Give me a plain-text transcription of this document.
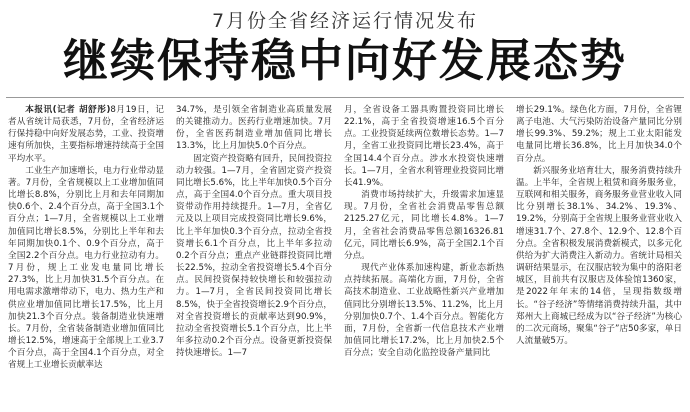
7月份全省经济运行情况发布
继续保持稳中向好发展态势

本报讯(记者 胡舒彤)8月19日，记者从省统计局获悉，7月份，全省经济运行保持稳中向好发展态势，工业、投资增速有所加快，主要指标增速持续高于全国平均水平。

工业生产加速增长，电力行业带动显著。7月份，全省规模以上工业增加值同比增长8.8%，分别比上月和去年同期加快0.6个、2.4个百分点，高于全国3.1个百分点；1—7月，全省规模以上工业增加值同比增长8.5%，分别比上半年和去年同期加快0.1个、0.9个百分点，高于全国2.2个百分点。电力行业拉动有力。7月份，规上工业发电量同比增长27.3%，比上月加快31.5个百分点。在用电需求激增带动下，电力、热力生产和供应业增加值同比增长17.5%，比上月加快21.3个百分点。装备制造业快速增长。7月份，全省装备制造业增加值同比增长12.5%，增速高于全部规上工业3.7个百分点，高于全国4.1个百分点，对全省规上工业增长贡献率达

34.7%，是引领全省制造业高质量发展的关键推动力。医药行业增速加快。7月份，全省医药制造业增加值同比增长13.3%，比上月加快5.0个百分点。

固定资产投资略有回升，民间投资拉动力较强。1—7月，全省固定资产投资同比增长5.6%，比上半年加快0.5个百分点，高于全国4.0个百分点。重大项目投资带动作用持续提升。1—7月，全省亿元及以上项目完成投资同比增长9.6%，比上半年加快0.3个百分点，拉动全省投资增长6.1个百分点，比上半年多拉动0.2个百分点；重点产业链群投资同比增长22.5%，拉动全省投资增长5.4个百分点。民间投资保持较快增长和较强拉动力。1—7月，全省民间投资同比增长8.5%，快于全省投资增长2.9个百分点，对全省投资增长的贡献率达到90.9%，拉动全省投资增长5.1个百分点，比上半年多拉动0.2个百分点。设备更新投资保持快速增长。1—7

月，全省设备工器具购置投资同比增长22.1%，高于全省投资增速16.5个百分点。工业投资延续两位数增长态势。1—7月，全省工业投资同比增长23.4%，高于全国14.4个百分点。涉水水投资快速增长。1—7月，全省水利管理业投资同比增长41.9%。

消费市场持续扩大，升级需求加速显现。7月份，全省社会消费品零售总额2125.27亿元，同比增长4.8%。1—7月，全省社会消费品零售总额16326.81亿元，同比增长6.9%，高于全国2.1个百分点。

现代产业体系加速构建，新业态新热点持续拓展。高端化方面，7月份，全省高技术制造业、工业战略性新兴产业增加值同比分别增长13.5%、11.2%，比上月分别加快0.7个、1.4个百分点。智能化方面，7月份，全省新一代信息技术产业增加值同比增长17.2%，比上月加快2.5个百分点；安全自动化监控设备产量同比

增长29.1%。绿色化方面，7月份，全省锂离子电池、大气污染防治设备产量同比分别增长99.3%、59.2%；规上工业太阳能发电量同比增长36.8%，比上月加快34.0个百分点。

新兴服务业培育壮大，服务消费持续升温。上半年，全省规上租赁和商务服务业，互联网和相关服务，商务服务业营业收入同比分别增长38.1%、34.2%、19.3%、19.2%，分别高于全省规上服务业营业收入增速31.7个、27.8个、12.9个、12.8个百分点。全省积极发展消费新模式，以多元化供给为扩大消费注入新动力。省统计局相关调研结果显示，在汉服店较为集中的洛阳老城区，目前共有汉服店及体验馆1360家，是2022年年末的14倍，呈现指数级增长。“谷子经济”等情绪消费持续升温，其中郑州大上商城已经成为以“谷子经济”为核心的二次元商场，聚集“谷子”店50多家，单日人流量破5万。
